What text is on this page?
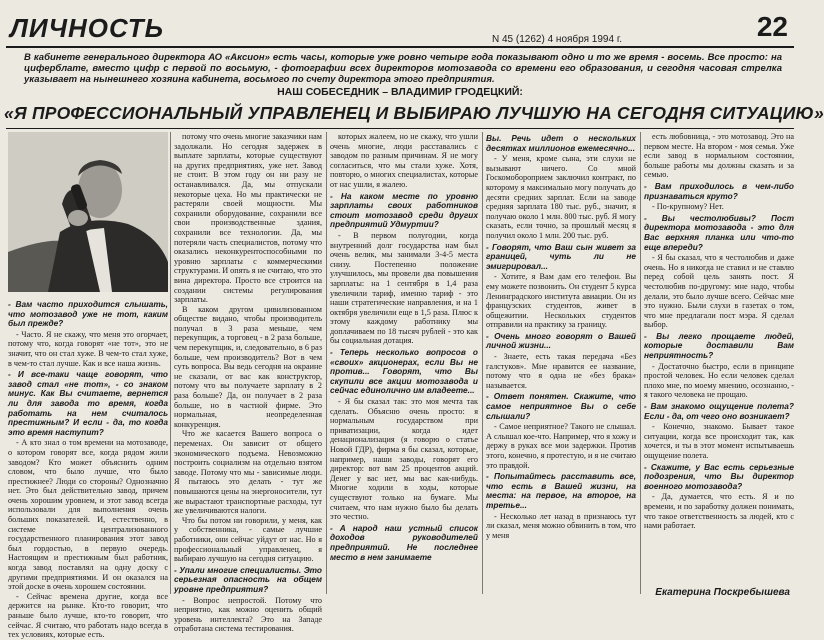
ЛИЧНОСТЬ	N 45 (1262) 4 ноября 1994 г.	22
В кабинете генерального директора АО «Аксион» есть часы, которые уже ровно четыре года показывают одно и то же время - восемь. Все просто: на циферблате, вместо цифр с первой по восьмую, - фотографии всех директоров мотозавода со времени его образования, и сегодня часовая стрелка указывает на нынешнего хозяина кабинета, восьмого по счету директора этого предприятия.
НАШ СОБЕСЕДНИК – ВЛАДИМИР ГРОДЕЦКИЙ:
«Я ПРОФЕССИОНАЛЬНЫЙ УПРАВЛЕНЕЦ И ВЫБИРАЮ ЛУЧШУЮ НА СЕГОДНЯ СИТУАЦИЮ»

- Вам часто приходится слышать, что мотозавод уже не тот, каким был прежде?

- Часто. Я не скажу, что меня это огорчает, потому что, когда говорят «не тот», это не значит, что он стал хуже. В чем-то стал хуже, в чем-то стал лучше. Как и все наша жизнь.

- И все-таки чаще говорят, что завод стал «не тот», - со знаком минус. Как Вы считаете, вернется ли для завода то время, когда работать на нем считалось престижным? И если - да, то когда это время наступит?

- А кто знал о том времени на мотозаводе, о котором говорят все, когда рядом жили заводом? Кто может объяснить одним словом, что было лучше, что было престижнее? Люди со стороны? Однозначно нет. Это был действительно завод, причем очень хорошим уровнем, и этот завод всегда использовали для выполнения очень больших показателей. И, естественно, в системе централизованного государственного планирования этот завод был гордостью, в первую очередь. Настоящим и престижным был работник, когда завод поставлял на одну доску с другими предприятиями. И он оказался на этой доске в очень хорошем состоянии.

- Сейчас времена другие, когда все держится на рынке. Кто-то говорит, что раньше было лучше, кто-то говорит, что сейчас. Я считаю, что работать надо всегда в тех условиях, которые есть.

потому что очень многие заказчики нам задолжали. Но сегодня задержек в выплате зарплаты, которые существуют на других предприятиях, уже нет. Завод не стоит. В этом году он ни разу не останавливался. Да, мы отпускали некоторые цеха. Но мы практически не растеряли своей мощности. Мы сохранили оборудование, сохранили все свои производственные здания, сохранили все технологии. Да, мы потеряли часть специалистов, потому что оказались неконкурентоспособными по уровню зарплаты с коммерческими структурами. И опять я не считаю, что это вина директора. Просто все строится на создании системы регулирования зарплаты.

В каком другом цивилизованном обществе видано, чтобы производитель получал в 3 раза меньше, чем перекупщик, а торговец - в 2 раза больше, чем перекупщик, и, следовательно, в 6 раз больше, чем производитель? Вот в чем суть вопроса. Вы ведь сегодня на окраине не сказали, от вас как конструктор, потому что вы получаете зарплату в 2 раза больше? Да, он получает в 2 раза больше, но в частной фирме. Это нормальная, неопределенная конкуренция.

Что же касается Вашего вопроса о переменах. Он зависит от общего экономического подъема. Невозможно построить социализм на отдельно взятом заводе. Потому что мы - зависимые люди. Я пытаюсь это делать - тут же повышаются цены на энергоносители, тут же вырастают транспортные расходы, тут же увеличиваются налоги.

Что бы потом ни говорили, у меня, как у собственника, - самые лучшие работники, они сейчас уйдут от нас. Но я профессиональный управленец, я выбираю лучшую на сегодня ситуацию.

- Упали многие специалисты. Это серьезная опасность на общем уровне предприятия?

- Вопрос непростой. Потому что неприятно, как можно оценить общий уровень интеллекта? Это на Западе отработана система тестирования.

которых жалеем, но не скажу, что ушли очень многие, люди расставались с заводом по разным причинам. Я не могу согласиться, что мы стали хуже. Хотя, повторю, о многих специалистах, которые от нас ушли, я жалею.

- На каком месте по уровню зарплаты своих работников стоит мотозавод среди других предприятий Удмуртии?

- В первом полугодии, когда внутренний долг государства нам был очень велик, мы занимали 3-4-5 места снизу. Постепенно положение улучшилось, мы провели два повышения зарплаты: на 1 сентября в 1,4 раза увеличили тариф, именно тариф - это наши стратегические направления, и на 1 октября увеличили еще в 1,5 раза. Плюс к этому каждому работнику мы доплачиваем по 18 тысяч рублей - это как бы социальная дотация.

- Теперь несколько вопросов о «своих» акционерах, если Вы не против... Говорят, что Вы скупили все акции мотозавода и сейчас единолично им владеете...

- Я бы сказал так: это моя мечта так сделать. Объясню очень просто: я нормальным государством при приватизации, когда идет денационализация (я говорю о статье Новой ГДР), фирма я бы сказал, которые, например, наши заводы, говорят его директор: вот вам 25 процентов акций. Денег у вас нет, мы вас как-нибудь. Многие ходили в ходы, которые существуют только на бумаге. Мы считаем, что нам нужно было бы делать это честно.

- А народ наш устный список доходов руководителей предприятий. Не последнее место в нем занимаете

Вы. Речь идет о нескольких десятках миллионов ежемесячно...

- У меня, кроме сына, эти слухи не вызывают ничего. Со мной Госкомобороприем заключил контракт, по которому я максимально могу получать до десяти средних зарплат. Если на заводе средняя зарплата 180 тыс. руб., значит, я получаю около 1 млн. 800 тыс. руб. Я могу сказать, если точно, за прошлый месяц я получил около 1 млн. 200 тыс. руб.

- Говорят, что Ваш сын живет за границей, чуть ли не эмигрировал...

- Хотите, я Вам дам его телефон. Вы ему можете позвонить. Он студент 5 курса Ленинградского института авиации. Он из французских студентов, живет в общежитии. Нескольких студентов отправили на практику за границу.

- Очень много говорят о Вашей личной жизни...

- Знаете, есть такая передача «Без галстуков». Мне нравится ее название, потому что я одна не «без брака» называется.

- Ответ понятен. Скажите, что самое неприятное Вы о себе слышали?

- Самое неприятное? Такого не слышал. А слышал кое-что. Например, что я хожу и держу в руках все мои задержки. Против этого, конечно, я протестую, и я не считаю это правдой.

- Попытайтесь расставить все, что есть в Вашей жизни, на места: на первое, на второе, на третье...

- Несколько лет назад в признаюсь тут ли сказал, меня можно обвинить в том, что у меня

есть любовница, - это мотозавод. Это на первом месте. На втором - моя семья. Уже если завод в нормальном состоянии, больше работы мы должны сказать и за семью.

- Вам приходилось в чем-либо признаваться круто?

- По-крупному? Нет.

- Вы честолюбивы? Пост директора мотозавода - это для Вас верхняя планка или что-то еще впереди?

- Я бы сказал, что я честолюбив и даже очень. Но я никогда не ставил и не ставлю перед собой цель занять пост. Я честолюбив по-другому: мне надо, чтобы делали, это было лучше всего. Сейчас мне это нужно. Были слухи в газетах о том, что мне предлагали пост мэра. Я сделал выбор.

- Вы легко прощаете людей, которые доставили Вам неприятность?

- Достаточно быстро, если в принципе простой человек. Но если человек сделал плохо мне, по моему мнению, осознанно, - я такого человека не прощаю.

- Вам знакомо ощущение полета? Если - да, от чего оно возникает?

- Конечно, знакомо. Бывает такое ситуации, когда все происходит так, как хочется, и ты в этот момент испытываешь ощущение полета.

- Скажите, у Вас есть серьезные подозрения, что Вы директор военного мотозавода?

- Да, думается, что есть. Я и по времени, и по заработку должен понимать, что такое ответственность за людей, кто с нами работает.

Екатерина Поскребышева
